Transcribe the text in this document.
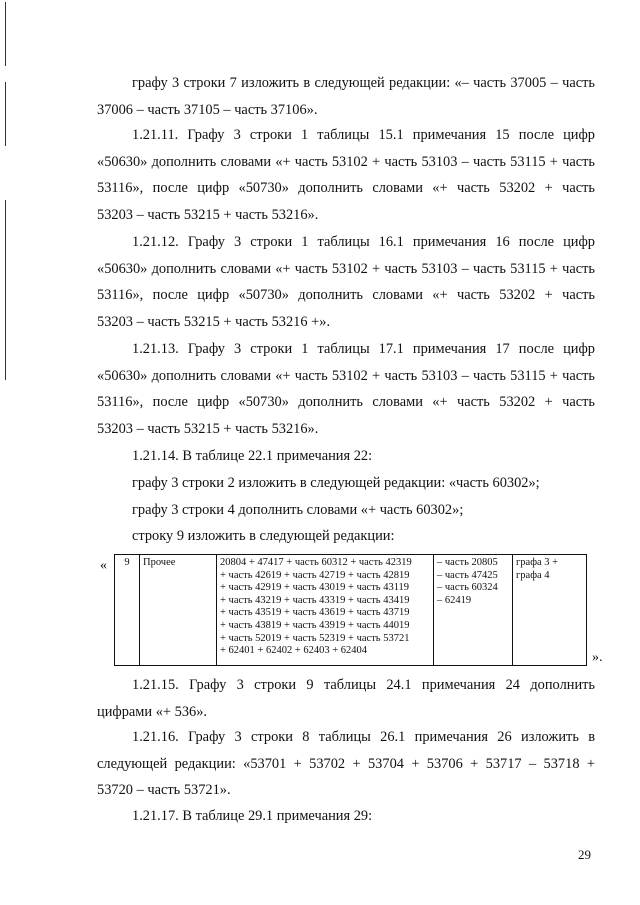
графу 3 строки 7 изложить в следующей редакции: «– часть 37005 – часть
37006 – часть 37105 – часть 37106».
1.21.11. Графу 3 строки 1 таблицы 15.1 примечания 15 после цифр
«50630» дополнить словами «+ часть 53102 + часть 53103 – часть 53115 + часть
53116», после цифр «50730» дополнить словами «+ часть 53202 + часть
53203 – часть 53215 + часть 53216».
1.21.12. Графу 3 строки 1 таблицы 16.1 примечания 16 после цифр
«50630» дополнить словами «+ часть 53102 + часть 53103 – часть 53115 + часть
53116», после цифр «50730» дополнить словами «+ часть 53202 + часть
53203 – часть 53215 + часть 53216 +».
1.21.13. Графу 3 строки 1 таблицы 17.1 примечания 17 после цифр
«50630» дополнить словами «+ часть 53102 + часть 53103 – часть 53115 + часть
53116», после цифр «50730» дополнить словами «+ часть 53202 + часть
53203 – часть 53215 + часть 53216».
1.21.14. В таблице 22.1 примечания 22:
графу 3 строки 2 изложить в следующей редакции: «часть 60302»;
графу 3 строки 4 дополнить словами «+ часть 60302»;
строку 9 изложить в следующей редакции:
« 9	Прочее	20804 + 47417 + часть 60312 + часть 42319
+ часть 42619 + часть 42719 + часть 42819
+ часть 42919 + часть 43019 + часть 43119
+ часть 43219 + часть 43319 + часть 43419
+ часть 43519 + часть 43619 + часть 43719
+ часть 43819 + часть 43919 + часть 44019
+ часть 52019 + часть 52319 + часть 53721
+ 62401 + 62402 + 62403 + 62404

– часть 20805
– часть 47425
– часть 60324
– 62419

графа 3 +
графа 4
».
1.21.15. Графу 3 строки 9 таблицы 24.1 примечания 24 дополнить
цифрами «+ 536».
1.21.16. Графу 3 строки 8 таблицы 26.1 примечания 26 изложить в
следующей редакции: «53701 + 53702 + 53704 + 53706 + 53717 – 53718 +
53720 – часть 53721».
1.21.17. В таблице 29.1 примечания 29:
29
